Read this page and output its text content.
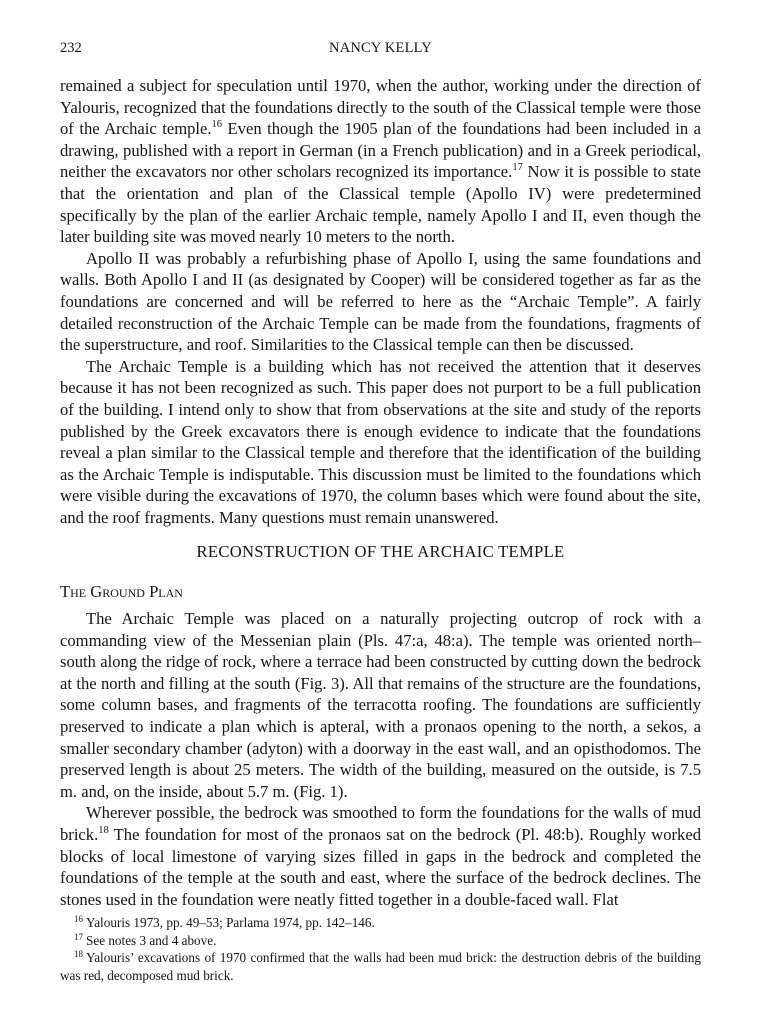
232	NANCY KELLY

remained a subject for speculation until 1970, when the author, working under the direction of Yalouris, recognized that the foundations directly to the south of the Classical temple were those of the Archaic temple.$^{16}$ Even though the 1905 plan of the foundations had been included in a drawing, published with a report in German (in a French publication) and in a Greek periodical, neither the excavators nor other scholars recognized its importance.$^{17}$ Now it is possible to state that the orientation and plan of the Classical temple (Apollo IV) were predetermined specifically by the plan of the earlier Archaic temple, namely Apollo I and II, even though the later building site was moved nearly 10 meters to the north.

Apollo II was probably a refurbishing phase of Apollo I, using the same foundations and walls. Both Apollo I and II (as designated by Cooper) will be considered together as far as the foundations are concerned and will be referred to here as the “Archaic Temple”. A fairly detailed reconstruction of the Archaic Temple can be made from the foundations, fragments of the superstructure, and roof. Similarities to the Classical temple can then be discussed.

The Archaic Temple is a building which has not received the attention that it deserves because it has not been recognized as such. This paper does not purport to be a full publication of the building. I intend only to show that from observations at the site and study of the reports published by the Greek excavators there is enough evidence to indicate that the foundations reveal a plan similar to the Classical temple and therefore that the identification of the building as the Archaic Temple is indisputable. This discussion must be limited to the foundations which were visible during the excavations of 1970, the column bases which were found about the site, and the roof fragments. Many questions must remain unanswered.

RECONSTRUCTION OF THE ARCHAIC TEMPLE
The Ground Plan

The Archaic Temple was placed on a naturally projecting outcrop of rock with a commanding view of the Messenian plain (Pls. 47:a, 48:a). The temple was oriented north–south along the ridge of rock, where a terrace had been constructed by cutting down the bedrock at the north and filling at the south (Fig. 3). All that remains of the structure are the foundations, some column bases, and fragments of the terracotta roofing. The foundations are sufficiently preserved to indicate a plan which is apteral, with a pronaos opening to the north, a sekos, a smaller secondary chamber (adyton) with a doorway in the east wall, and an opisthodomos. The preserved length is about 25 meters. The width of the building, measured on the outside, is 7.5 m. and, on the inside, about 5.7 m. (Fig. 1).

Wherever possible, the bedrock was smoothed to form the foundations for the walls of mud brick.$^{18}$ The foundation for most of the pronaos sat on the bedrock (Pl. 48:b). Roughly worked blocks of local limestone of varying sizes filled in gaps in the bedrock and completed the foundations of the temple at the south and east, where the surface of the bedrock declines. The stones used in the foundation were neatly fitted together in a double-faced wall. Flat

$^{16}$ Yalouris 1973, pp. 49–53; Parlama 1974, pp. 142–146.

$^{17}$ See notes 3 and 4 above.

$^{18}$ Yalouris’ excavations of 1970 confirmed that the walls had been mud brick: the destruction debris of the building was red, decomposed mud brick.
